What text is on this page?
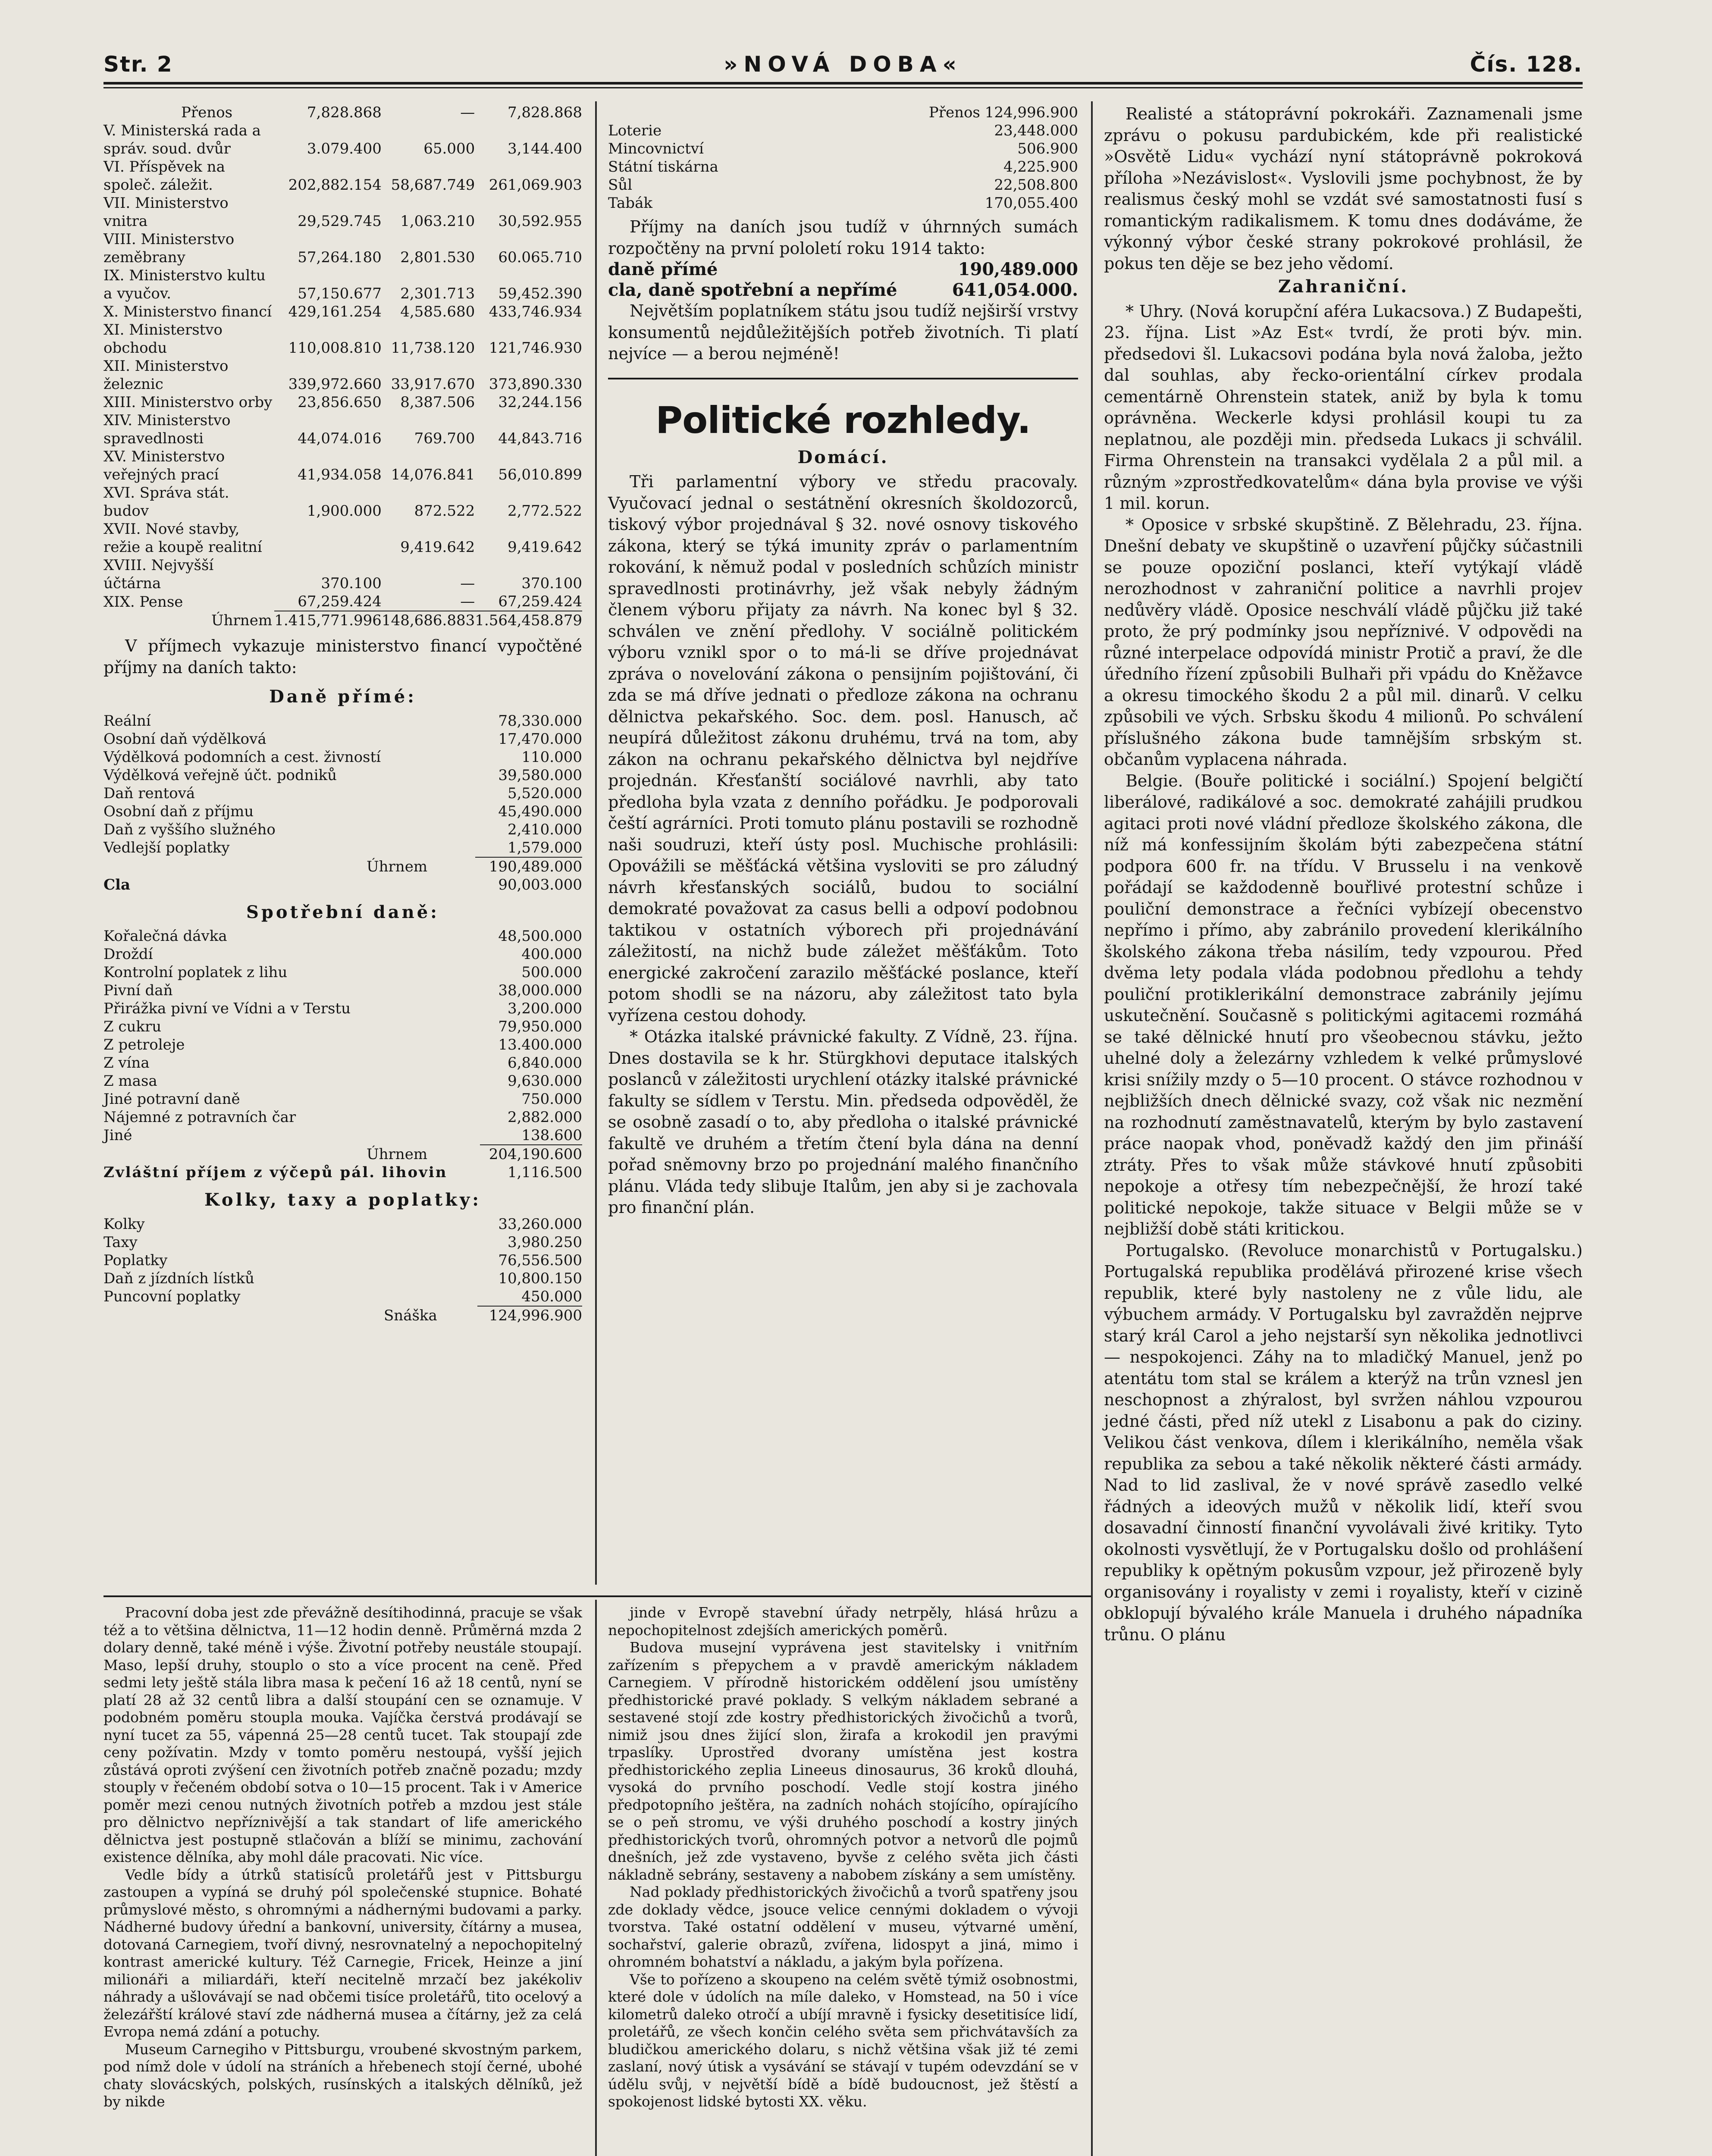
Str. 2	»NOVÁ DOBA«	Čís. 128.
Přenos	7,828.868	—	7,828.868
V. Ministerská rada a správ. soud. dvůr	3.079.400	65.000	3,144.400
VI. Příspěvek na společ. záležit.	202,882.154	58,687.749	261,069.903
VII. Ministerstvo vnitra	29,529.745	1,063.210	30,592.955
VIII. Ministerstvo zeměbrany	57,264.180	2,801.530	60.065.710
IX. Ministerstvo kultu a vyučov.	57,150.677	2,301.713	59,452.390
X. Ministerstvo financí	429,161.254	4,585.680	433,746.934
XI. Ministerstvo obchodu	110,008.810	11,738.120	121,746.930
XII. Ministerstvo železnic	339,972.660	33,917.670	373,890.330
XIII. Ministerstvo orby	23,856.650	8,387.506	32,244.156
XIV. Ministerstvo spravedlnosti	44,074.016	769.700	44,843.716
XV. Ministerstvo veřejných prací	41,934.058	14,076.841	56,010.899
XVI. Správa stát. budov	1,900.000	872.522	2,772.522
XVII. Nové stavby, režie a koupě realitní		9,419.642	9,419.642
XVIII. Nejvyšší účtárna	370.100	—	370.100
XIX. Pense	67,259.424	—	67,259.424
Úhrnem	1.415,771.996	148,686.883	1.564,458.879

V příjmech vykazuje ministerstvo financí vypočtěné příjmy na daních takto:

Daně přímé:
Reální	78,330.000
Osobní daň výdělková	17,470.000
Výdělková podomních a cest. živností	110.000
Výdělková veřejně účt. podniků	39,580.000
Daň rentová	5,520.000
Osobní daň z příjmu	45,490.000
Daň z vyššího služného	2,410.000
Vedlejší poplatky	1,579.000
Úhrnem	190,489.000
Cla	90,003.000
Spotřební daně:
Kořalečná dávka	48,500.000
Droždí	400.000
Kontrolní poplatek z lihu	500.000
Pivní daň	38,000.000
Přirážka pivní ve Vídni a v Terstu	3,200.000
Z cukru	79,950.000
Z petroleje	13.400.000
Z vína	6,840.000
Z masa	9,630.000
Jiné potravní daně	750.000
Nájemné z potravních čar	2,882.000
Jiné	138.600
Úhrnem	204,190.600
Zvláštní příjem z výčepů pál. lihovin	1,116.500
Kolky, taxy a poplatky:
Kolky	33,260.000
Taxy	3,980.250
Poplatky	76,556.500
Daň z jízdních lístků	10,800.150
Puncovní poplatky	450.000
Snáška	124,996.900
	Přenos 124,996.900
Loterie	23,448.000
Mincovnictví	506.900
Státní tiskárna	4,225.900
Sůl	22,508.800
Tabák	170,055.400

Příjmy na daních jsou tudíž v úhrnných sumách rozpočtěny na první pololetí roku 1914 takto:

daně přímé	190,489.000
cla, daně spotřební a nepřímé	641,054.000.

Největším poplatníkem státu jsou tudíž nejširší vrstvy konsumentů nejdůležitějších potřeb životních. Ti platí nejvíce — a berou nejméně!

Politické rozhledy.
Domácí.

Tři parlamentní výbory ve středu pracovaly. Vyučovací jednal o sestátnění okresních školdozorců, tiskový výbor projednával § 32. nové osnovy tiskového zákona, který se týká imunity zpráv o parlamentním rokování, k němuž podal v posledních schůzích ministr spravedlnosti protinávrhy, jež však nebyly žádným členem výboru přijaty za návrh. Na konec byl § 32. schválen ve znění předlohy. V sociálně politickém výboru vznikl spor o to má-li se dříve projednávat zpráva o novelování zákona o pensijním pojištování, či zda se má dříve jednati o předloze zákona na ochranu dělnictva pekařského. Soc. dem. posl. Hanusch, ač neupírá důležitost zákonu druhému, trvá na tom, aby zákon na ochranu pekařského dělnictva byl nejdříve projednán. Křesťanští sociálové navrhli, aby tato předloha byla vzata z denního pořádku. Je podporovali čeští agrárníci. Proti tomuto plánu postavili se rozhodně naši soudruzi, kteří ústy posl. Muchische prohlásili: Opovážili se měšťácká většina vysloviti se pro záludný návrh křesťanských sociálů, budou to sociální demokraté považovat za casus belli a odpoví podobnou taktikou v ostatních výborech při projednávání záležitostí, na nichž bude záležet měšťákům. Toto energické zakročení zarazilo měšťácké poslance, kteří potom shodli se na názoru, aby záležitost tato byla vyřízena cestou dohody.

* Otázka italské právnické fakulty. Z Vídně, 23. října. Dnes dostavila se k hr. Stürgkhovi deputace italských poslanců v záležitosti urychlení otázky italské právnické fakulty se sídlem v Terstu. Min. předseda odpověděl, že se osobně zasadí o to, aby předloha o italské právnické fakultě ve druhém a třetím čtení byla dána na denní pořad sněmovny brzo po projednání malého finančního plánu. Vláda tedy slibuje Italům, jen aby si je zachovala pro finanční plán.

Realisté a státoprávní pokrokáři. Zaznamenali jsme zprávu o pokusu pardubickém, kde při realistické »Osvětě Lidu« vychází nyní státoprávně pokroková příloha »Nezávislost«. Vyslovili jsme pochybnost, že by realismus český mohl se vzdát své samostatnosti fusí s romantickým radikalismem. K tomu dnes dodáváme, že výkonný výbor české strany pokrokové prohlásil, že pokus ten děje se bez jeho vědomí.

Zahraniční.

* Uhry. (Nová korupční aféra Lukacsova.) Z Budapešti, 23. října. List »Az Est« tvrdí, že proti býv. min. předsedovi šl. Lukacsovi podána byla nová žaloba, ježto dal souhlas, aby řecko-orientální církev prodala cementárně Ohrenstein statek, aniž by byla k tomu oprávněna. Weckerle kdysi prohlásil koupi tu za neplatnou, ale později min. předseda Lukacs ji schválil. Firma Ohrenstein na transakci vydělala 2 a půl mil. a různým »zprostředkovatelům« dána byla provise ve výši 1 mil. korun.

* Oposice v srbské skupštině. Z Bělehradu, 23. října. Dnešní debaty ve skupštině o uzavření půjčky súčastnili se pouze opoziční poslanci, kteří vytýkají vládě nerozhodnost v zahraniční politice a navrhli projev nedůvěry vládě. Oposice neschválí vládě půjčku již také proto, že prý podmínky jsou nepříznivé. V odpovědi na různé interpelace odpovídá ministr Protič a praví, že dle úředního řízení způsobili Bulhaři při vpádu do Kněžavce a okresu timockého škodu 2 a půl mil. dinarů. V celku způsobili ve vých. Srbsku škodu 4 milionů. Po schválení příslušného zákona bude tamnějším srbským st. občanům vyplacena náhrada.

Belgie. (Bouře politické i sociální.) Spojení belgičtí liberálové, radikálové a soc. demokraté zahájili prudkou agitaci proti nové vládní předloze školského zákona, dle níž má konfessijním školám býti zabezpečena státní podpora 600 fr. na třídu. V Brusselu i na venkově pořádají se každodenně bouřlivé protestní schůze i pouliční demonstrace a řečníci vybízejí obecenstvo nepřímo i přímo, aby zabránilo provedení klerikálního školského zákona třeba násilím, tedy vzpourou. Před dvěma lety podala vláda podobnou předlohu a tehdy pouliční protiklerikální demonstrace zabránily jejímu uskutečnění. Současně s politickými agitacemi rozmáhá se také dělnické hnutí pro všeobecnou stávku, ježto uhelné doly a železárny vzhledem k velké průmyslové krisi snížily mzdy o 5—10 procent. O stávce rozhodnou v nejbližších dnech dělnické svazy, což však nic nezmění na rozhodnutí zaměstnavatelů, kterým by bylo zastavení práce naopak vhod, poněvadž každý den jim přináší ztráty. Přes to však může stávkové hnutí způsobiti nepokoje a otřesy tím nebezpečnější, že hrozí také politické nepokoje, takže situace v Belgii může se v nejbližší době státi kritickou.

Portugalsko. (Revoluce monarchistů v Portugalsku.) Portugalská republika prodělává přirozené krise všech republik, které byly nastoleny ne z vůle lidu, ale výbuchem armády. V Portugalsku byl zavražděn nejprve starý král Carol a jeho nejstarší syn několika jednotlivci — nespokojenci. Záhy na to mladičký Manuel, jenž po atentátu tom stal se králem a kterýž na trůn vznesl jen neschopnost a zhýralost, byl svržen náhlou vzpourou jedné části, před níž utekl z Lisabonu a pak do ciziny. Velikou část venkova, dílem i klerikálního, neměla však republika za sebou a také několik některé části armády. Nad to lid zaslival, že v nové správě zasedlo velké řádných a ideových mužů v několik lidí, kteří svou dosavadní činností finanční vyvolávali živé kritiky. Tyto okolnosti vysvětlují, že v Portugalsku došlo od prohlášení republiky k opětným pokusům vzpour, jež přirozeně byly organisovány i royalisty v zemi i royalisty, kteří v cizině obklopují bývalého krále Manuela i druhého nápadníka trůnu. O plánu

Pracovní doba jest zde převážně desítihodinná, pracuje se však též a to většina dělnictva, 11—12 hodin denně. Průměrná mzda 2 dolary denně, také méně i výše. Životní potřeby neustále stoupají. Maso, lepší druhy, stouplo o sto a více procent na ceně. Před sedmi lety ještě stála libra masa k pečení 16 až 18 centů, nyní se platí 28 až 32 centů libra a další stoupání cen se oznamuje. V podobném poměru stoupla mouka. Vajíčka čerstvá prodávají se nyní tucet za 55, vápenná 25—28 centů tucet. Tak stoupají zde ceny požívatin. Mzdy v tomto poměru nestoupá, vyšší jejich zůstává oproti zvýšení cen životních potřeb značně pozadu; mzdy stouply v řečeném období sotva o 10—15 procent. Tak i v Americe poměr mezi cenou nutných životních potřeb a mzdou jest stále pro dělnictvo nepříznivější a tak standart of life amerického dělnictva jest postupně stlačován a blíží se minimu, zachování existence dělníka, aby mohl dále pracovati. Nic více.

Vedle bídy a útrků statisíců proletářů jest v Pittsburgu zastoupen a vypíná se druhý pól společenské stupnice. Bohaté průmyslové město, s ohromnými a nádhernými budovami a parky. Nádherné budovy úřední a bankovní, university, čítárny a musea, dotovaná Carnegiem, tvoří divný, nesrovnatelný a nepochopitelný kontrast americké kultury. Též Carnegie, Fricek, Heinze a jiní milionáři a miliardáři, kteří necitelně mrzačí bez jakékoliv náhrady a ušlovávají se nad občemi tisíce proletářů, tito ocelový a železářští králové staví zde nádherná musea a čítárny, jež za celá Evropa nemá zdání a potuchy.

Museum Carnegiho v Pittsburgu, vroubené skvostným parkem, pod nímž dole v údolí na stráních a hřebenech stojí černé, ubohé chaty slovácských, polských, rusínských a italských dělníků, jež by nikde

jinde v Evropě stavební úřady netrpěly, hlásá hrůzu a nepochopitelnost zdejších amerických poměrů.

Budova musejní vyprávena jest stavitelsky i vnitřním zařízením s přepychem a v pravdě americkým nákladem Carnegiem. V přírodně historickém oddělení jsou umístěny předhistorické pravé poklady. S velkým nákladem sebrané a sestavené stojí zde kostry předhistorických živočichů a tvorů, nimiž jsou dnes žijící slon, žirafa a krokodil jen pravými trpaslíky. Uprostřed dvorany umístěna jest kostra předhistorického zeplia Lineeus dinosaurus, 36 kroků dlouhá, vysoká do prvního poschodí. Vedle stojí kostra jiného předpotopního ještěra, na zadních nohách stojícího, opírajícího se o peň stromu, ve výši druhého poschodí a kostry jiných předhistorických tvorů, ohromných potvor a netvorů dle pojmů dnešních, jež zde vystaveno, byvše z celého světa jich části nákladně sebrány, sestaveny a nabobem získány a sem umístěny.

Nad poklady předhistorických živočichů a tvorů spatřeny jsou zde doklady vědce, jsouce velice cennými dokladem o vývoji tvorstva. Také ostatní oddělení v museu, výtvarné umění, sochařství, galerie obrazů, zvířena, lidospyt a jiná, mimo i ohromném bohatství a nákladu, a jakým byla pořízena.

Vše to pořízeno a skoupeno na celém světě týmiž osobnostmi, které dole v údolích na míle daleko, v Homstead, na 50 i více kilometrů daleko otročí a ubíjí mravně i fysicky desetitisíce lidí, proletářů, ze všech končin celého světa sem přichvátavších za bludičkou amerického dolaru, s nichž většina však již té zemi zaslaní, nový útisk a vysávání se stávají v tupém odevzdání se v údělu svůj, v největší bídě a bídě budoucnost, jež štěstí a spokojenost lidské bytosti XX. věku.
